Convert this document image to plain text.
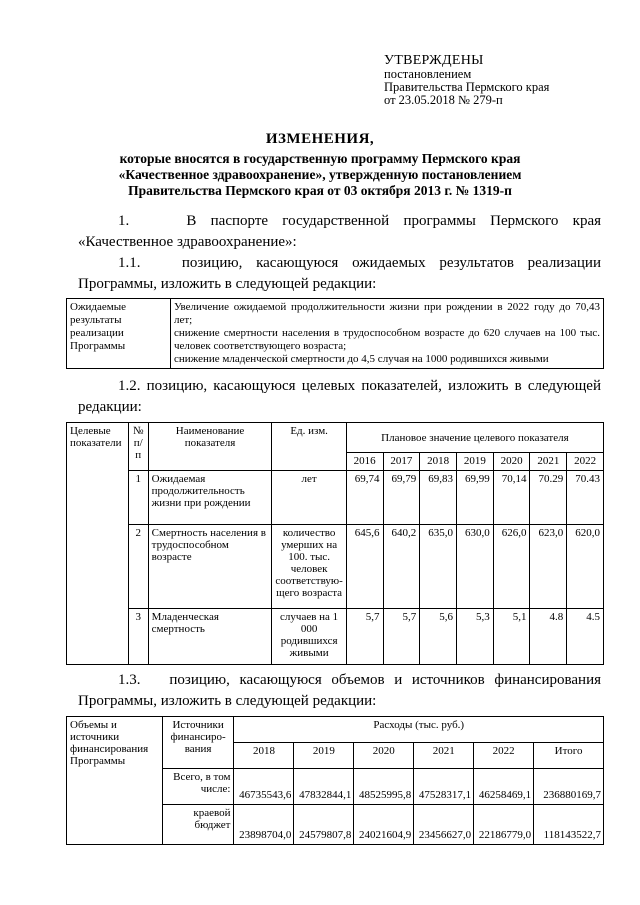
УТВЕРЖДЕНЫ
постановлением
Правительства Пермского края
от 23.05.2018 № 279-п
ИЗМЕНЕНИЯ,
которые вносятся в государственную программу Пермского края
«Качественное здравоохранение», утвержденную постановлением
Правительства Пермского края от 03 октября 2013 г. № 1319-п
1.	В паспорте государственной программы Пермского края «Качественное здравоохранение»:
1.1.	позицию, касающуюся ожидаемых результатов реализации Программы, изложить в следующей редакции:
Ожидаемые результаты реализации Программы	
Увеличение ожидаемой продолжительности жизни при рождении в 2022 году до 70,43 лет;
снижение смертности населения в трудоспособном возрасте до 620 случаев на 100 тыс. человек соответствующего возраста;
снижение младенческой смертности до 4,5 случая на 1000 родившихся живыми
1.2. позицию, касающуюся целевых показателей, изложить в следующей редакции:
Целевые показатели	№ п/п	Наименование показателя	Ед. изм.	Плановое значение целевого показателя						
				2016	2017	2018	2019	2020	2021	2022
	1	Ожидаемая продолжительность жизни при рождении	лет	69,74	69,79	69,83	69,99	70,14	70.29	70.43
	2	Смертность населения в трудоспособном возрасте	количество умерших на 100. тыс. человек соответствую-щего возраста	645,6	640,2	635,0	630,0	626,0	623,0	620,0
	3	Младенческая смертность	случаев на 1 000 родившихся живыми	5,7	5,7	5,6	5,3	5,1	4.8	4.5
1.3. позицию, касающуюся объемов и источников финансирования Программы, изложить в следующей редакции:
Объемы и источники финансирования Программы	Источники финансиро-вания	Расходы (тыс. руб.)					
		2018	2019	2020	2021	2022	Итого
	Всего, в том числе:	46735543,6	47832844,1	48525995,8	47528317,1	46258469,1	236880169,7
	краевой бюджет	23898704,0	24579807,8	24021604,9	23456627,0	22186779,0	118143522,7
